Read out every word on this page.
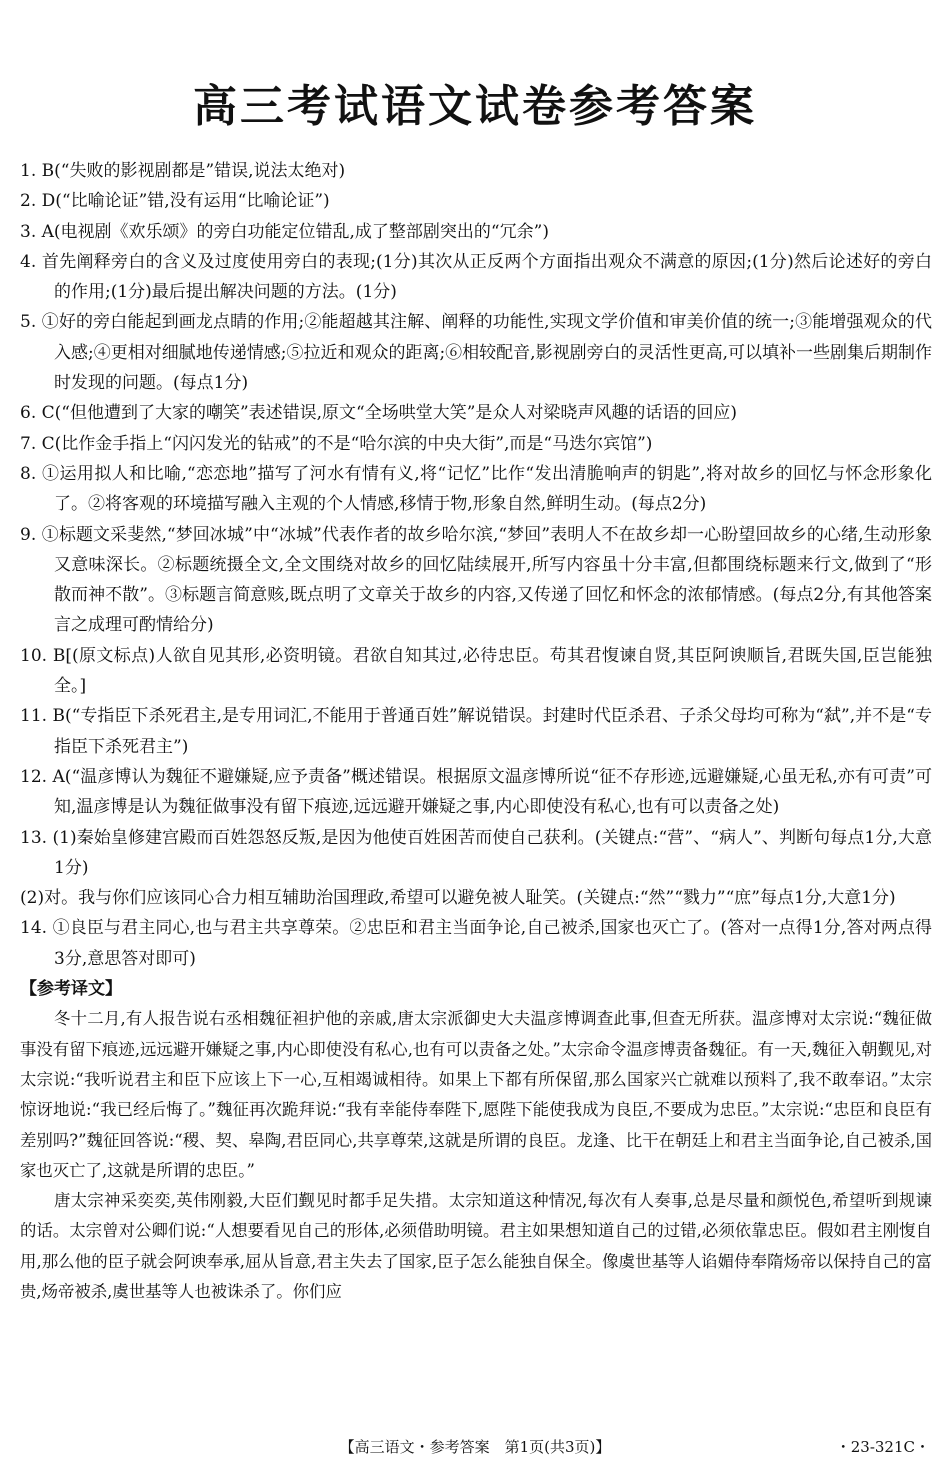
高三考试语文试卷参考答案

1. B(“失败的影视剧都是”错误,说法太绝对)

2. D(“比喻论证”错,没有运用“比喻论证”)

3. A(电视剧《欢乐颂》的旁白功能定位错乱,成了整部剧突出的“冗余”)

4. 首先阐释旁白的含义及过度使用旁白的表现;(1分)其次从正反两个方面指出观众不满意的原因;(1分)然后论述好的旁白的作用;(1分)最后提出解决问题的方法。(1分)

5. ①好的旁白能起到画龙点睛的作用;②能超越其注解、阐释的功能性,实现文学价值和审美价值的统一;③能增强观众的代入感;④更相对细腻地传递情感;⑤拉近和观众的距离;⑥相较配音,影视剧旁白的灵活性更高,可以填补一些剧集后期制作时发现的问题。(每点1分)

6. C(“但他遭到了大家的嘲笑”表述错误,原文“全场哄堂大笑”是众人对梁晓声风趣的话语的回应)

7. C(比作金手指上“闪闪发光的钻戒”的不是“哈尔滨的中央大街”,而是“马迭尔宾馆”)

8. ①运用拟人和比喻,“恋恋地”描写了河水有情有义,将“记忆”比作“发出清脆响声的钥匙”,将对故乡的回忆与怀念形象化了。②将客观的环境描写融入主观的个人情感,移情于物,形象自然,鲜明生动。(每点2分)

9. ①标题文采斐然,“梦回冰城”中“冰城”代表作者的故乡哈尔滨,“梦回”表明人不在故乡却一心盼望回故乡的心绪,生动形象又意味深长。②标题统摄全文,全文围绕对故乡的回忆陆续展开,所写内容虽十分丰富,但都围绕标题来行文,做到了“形散而神不散”。③标题言简意赅,既点明了文章关于故乡的内容,又传递了回忆和怀念的浓郁情感。(每点2分,有其他答案言之成理可酌情给分)

10. B[(原文标点)人欲自见其形,必资明镜。君欲自知其过,必待忠臣。苟其君愎谏自贤,其臣阿谀顺旨,君既失国,臣岂能独全。]

11. B(“专指臣下杀死君主,是专用词汇,不能用于普通百姓”解说错误。封建时代臣杀君、子杀父母均可称为“弑”,并不是“专指臣下杀死君主”)

12. A(“温彦博认为魏征不避嫌疑,应予责备”概述错误。根据原文温彦博所说“征不存形迹,远避嫌疑,心虽无私,亦有可责”可知,温彦博是认为魏征做事没有留下痕迹,远远避开嫌疑之事,内心即使没有私心,也有可以责备之处)

13. (1)秦始皇修建宫殿而百姓怨怒反叛,是因为他使百姓困苦而使自己获利。(关键点:“营”、“病人”、判断句每点1分,大意1分)

(2)对。我与你们应该同心合力相互辅助治国理政,希望可以避免被人耻笑。(关键点:“然”“戮力”“庶”每点1分,大意1分)

14. ①良臣与君主同心,也与君主共享尊荣。②忠臣和君主当面争论,自己被杀,国家也灭亡了。(答对一点得1分,答对两点得3分,意思答对即可)

【参考译文】

冬十二月,有人报告说右丞相魏征袒护他的亲戚,唐太宗派御史大夫温彦博调查此事,但查无所获。温彦博对太宗说:“魏征做事没有留下痕迹,远远避开嫌疑之事,内心即使没有私心,也有可以责备之处。”太宗命令温彦博责备魏征。有一天,魏征入朝觐见,对太宗说:“我听说君主和臣下应该上下一心,互相竭诚相待。如果上下都有所保留,那么国家兴亡就难以预料了,我不敢奉诏。”太宗惊讶地说:“我已经后悔了。”魏征再次跪拜说:“我有幸能侍奉陛下,愿陛下能使我成为良臣,不要成为忠臣。”太宗说:“忠臣和良臣有差别吗?”魏征回答说:“稷、契、皋陶,君臣同心,共享尊荣,这就是所谓的良臣。龙逢、比干在朝廷上和君主当面争论,自己被杀,国家也灭亡了,这就是所谓的忠臣。”

唐太宗神采奕奕,英伟刚毅,大臣们觐见时都手足失措。太宗知道这种情况,每次有人奏事,总是尽量和颜悦色,希望听到规谏的话。太宗曾对公卿们说:“人想要看见自己的形体,必须借助明镜。君主如果想知道自己的过错,必须依靠忠臣。假如君主刚愎自用,那么他的臣子就会阿谀奉承,屈从旨意,君主失去了国家,臣子怎么能独自保全。像虞世基等人谄媚侍奉隋炀帝以保持自己的富贵,炀帝被杀,虞世基等人也被诛杀了。你们应

【高三语文・参考答案　第1页(共3页)】	・23-321C・
